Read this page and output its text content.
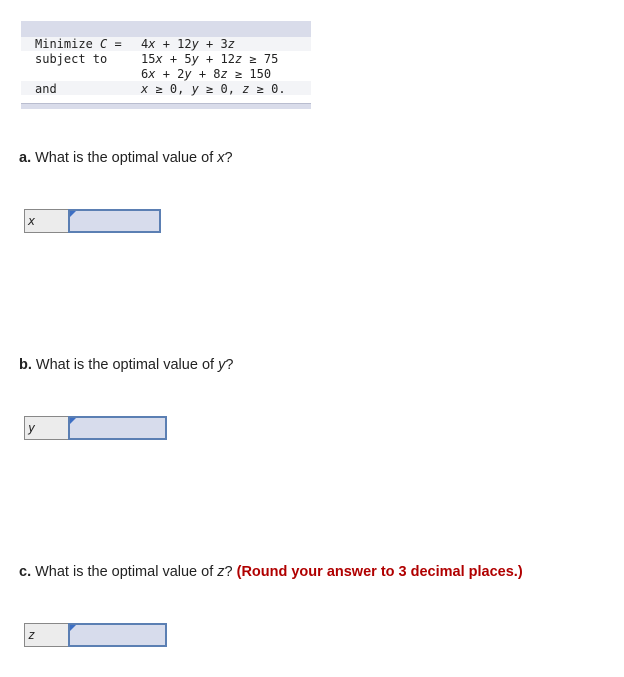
Minimize C = 4x + 12y + 3z
subject to	15x + 5y + 12z ≥ 75
6x + 2y + 8z ≥ 150
and	x ≥ 0, y ≥ 0, z ≥ 0.
a. What is the optimal value of x?
x
b. What is the optimal value of y?
y
c. What is the optimal value of z? (Round your answer to 3 decimal places.)
z
